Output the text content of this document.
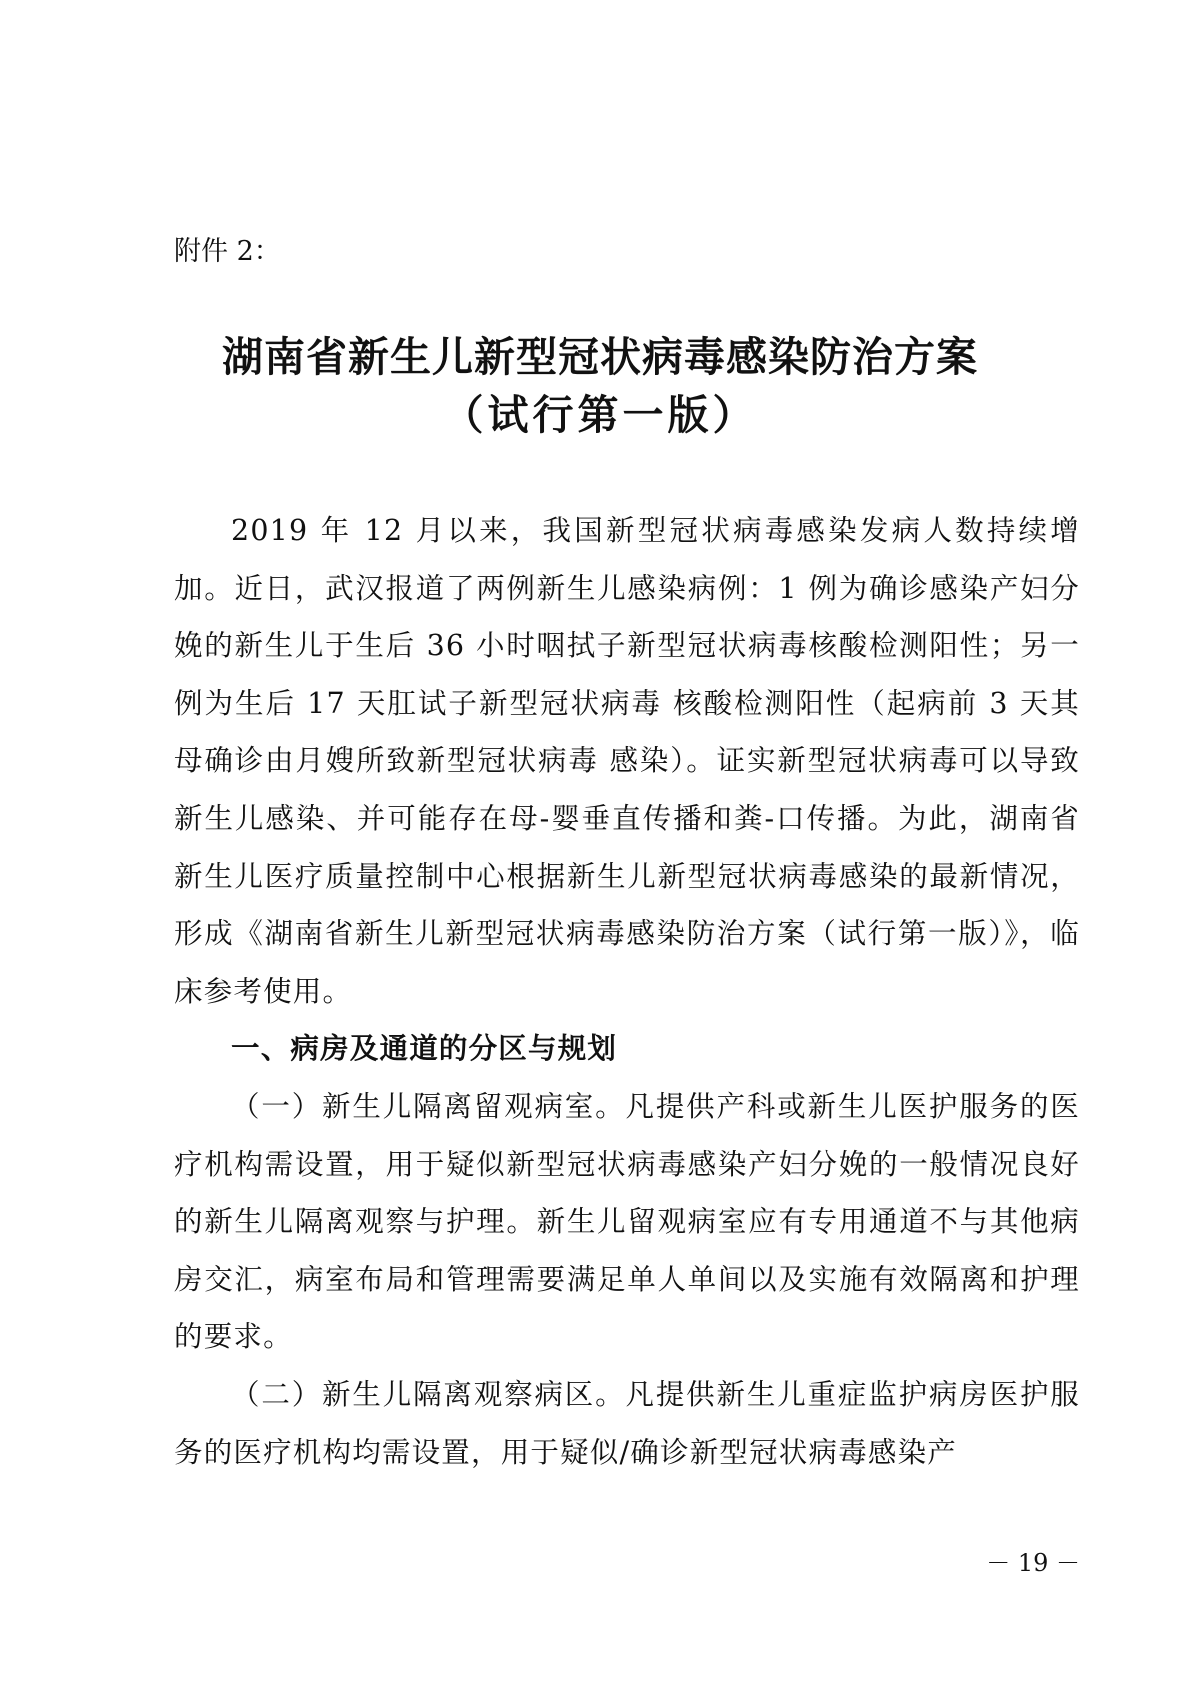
附件 2：
湖南省新生儿新型冠状病毒感染防治方案
（试行第一版）

2019 年 12 月以来，我国新型冠状病毒感染发病人数持续增加。近日，武汉报道了两例新生儿感染病例：1 例为确诊感染产妇分娩的新生儿于生后 36 小时咽拭子新型冠状病毒核酸检测阳性；另一例为生后 17 天肛试子新型冠状病毒 核酸检测阳性（起病前 3 天其母确诊由月嫂所致新型冠状病毒 感染）。证实新型冠状病毒可以导致新生儿感染、并可能存在母-婴垂直传播和粪-口传播。为此，湖南省新生儿医疗质量控制中心根据新生儿新型冠状病毒感染的最新情况，形成《湖南省新生儿新型冠状病毒感染防治方案（试行第一版）》，临床参考使用。

一、病房及通道的分区与规划

（一）新生儿隔离留观病室。凡提供产科或新生儿医护服务的医疗机构需设置，用于疑似新型冠状病毒感染产妇分娩的一般情况良好的新生儿隔离观察与护理。新生儿留观病室应有专用通道不与其他病房交汇，病室布局和管理需要满足单人单间以及实施有效隔离和护理的要求。

（二）新生儿隔离观察病区。凡提供新生儿重症监护病房医护服务的医疗机构均需设置，用于疑似/确诊新型冠状病毒感染产

－ 19 －
